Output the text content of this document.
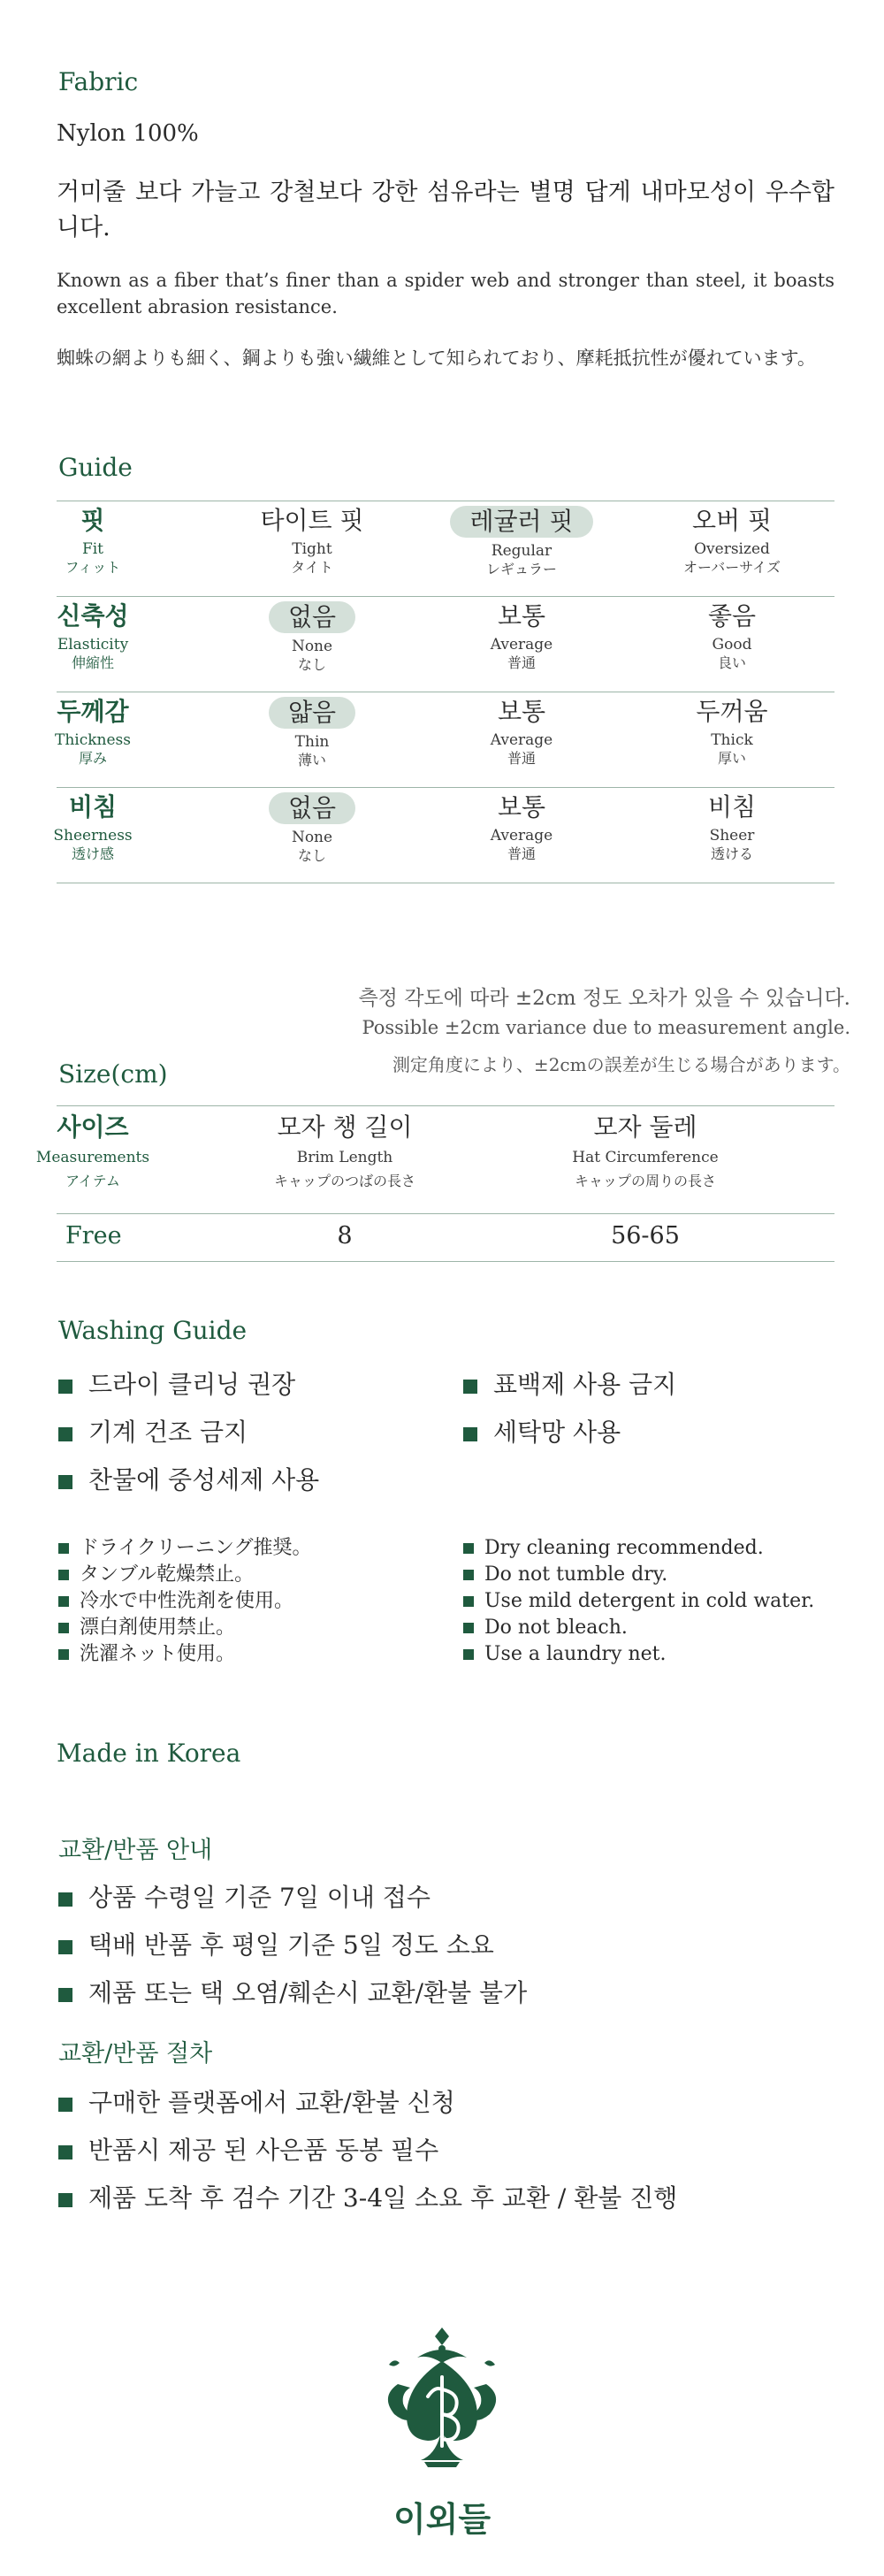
Fabric
Nylon 100%
거미줄 보다 가늘고 강철보다 강한 섬유라는 별명 답게 내마모성이 우수합니다.
Known as a fiber that’s finer than a spider web and stronger than steel, it boasts excellent abrasion resistance.
蜘蛛の網よりも細く、鋼よりも強い繊維として知られており、摩耗抵抗性が優れています。
Guide
핏
Fit
フィット
타이트 핏
Tight
タイト
레귤러 핏
Regular
レギュラー
오버 핏
Oversized
オーバーサイズ
신축성
Elasticity
伸縮性
없음
None
なし
보통
Average
普通
좋음
Good
良い
두께감
Thickness
厚み
얇음
Thin
薄い
보통
Average
普通
두꺼움
Thick
厚い
비침
Sheerness
透け感
없음
None
なし
보통
Average
普通
비침
Sheer
透ける
측정 각도에 따라 ±2cm 정도 오차가 있을 수 있습니다.
Possible ±2cm variance due to measurement angle.
測定角度により、±2cmの誤差が生じる場合があります。
Size(cm)
사이즈
Measurements
アイテム
모자 챙 길이
Brim Length
キャップのつばの長さ
모자 둘레
Hat Circumference
キャップの周りの長さ
Free	8	56-65
Washing Guide
드라이 클리닝 권장
기계 건조 금지
찬물에 중성세제 사용
표백제 사용 금지
세탁망 사용
ドライクリーニング推奨。
タンブル乾燥禁止。
冷水で中性洗剤を使用。
漂白剤使用禁止。
洗濯ネット使用。
Dry cleaning recommended.
Do not tumble dry.
Use mild detergent in cold water.
Do not bleach.
Use a laundry net.
Made in Korea
교환/반품 안내
상품 수령일 기준 7일 이내 접수
택배 반품 후 평일 기준 5일 정도 소요
제품 또는 택 오염/훼손시 교환/환불 불가
교환/반품 절차
구매한 플랫폼에서 교환/환불 신청
반품시 제공 된 사은품 동봉 필수
제품 도착 후 검수 기간 3-4일 소요 후 교환 / 환불 진행
이외들
